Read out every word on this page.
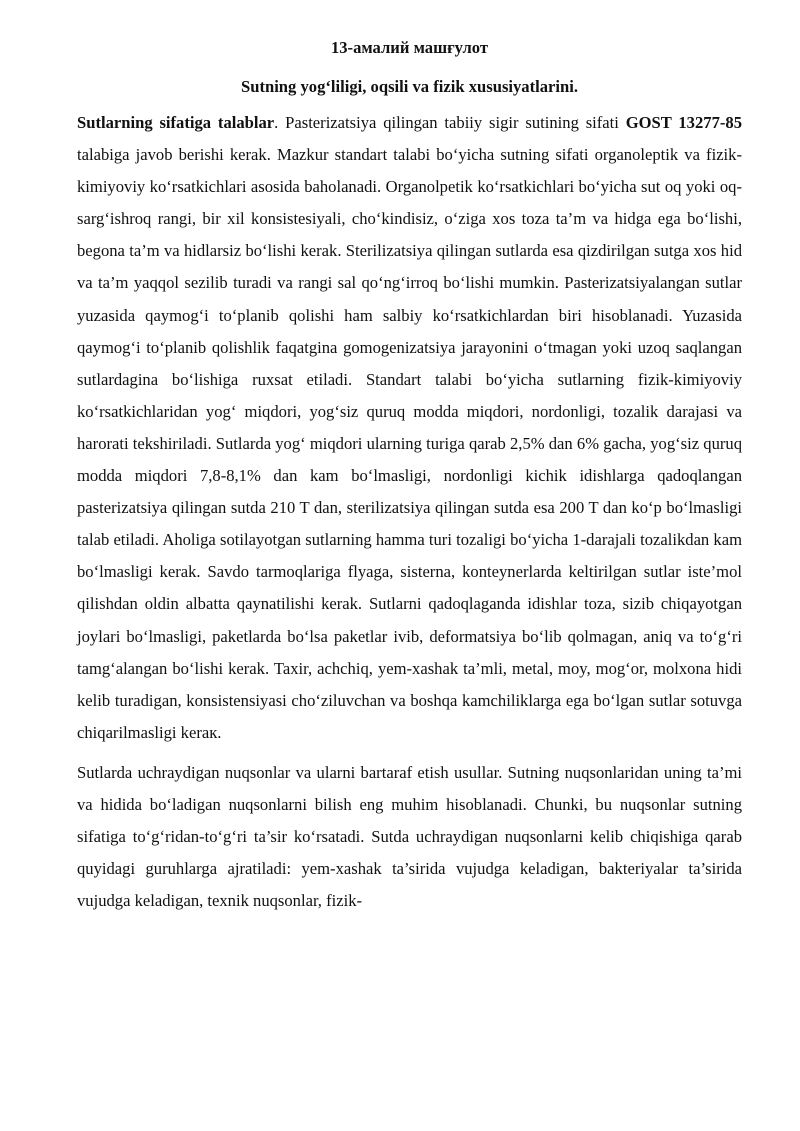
13-амалий машғулот

Sutning yog‘liligi, oqsili va fizik xususiyatlarini.

Sutlarning sifatiga talablar. Pasterizatsiya qilingan tabiiy sigir sutining sifati GOST 13277-85 talabiga javob berishi kerak. Mazkur standart talabi bo‘yicha sutning sifati organoleptik va fizik-kimiyoviy ko‘rsatkichlari asosida baholanadi. Organolpetik ko‘rsatkichlari bo‘yicha sut oq yoki oq-sarg‘ishroq rangi, bir xil konsistesiyali, cho‘kindisiz, o‘ziga xos toza ta’m va hidga ega bo‘lishi, begona ta’m va hidlarsiz bo‘lishi kerak. Sterilizatsiya qilingan sutlarda esa qizdirilgan sutga xos hid va ta’m yaqqol sezilib turadi va rangi sal qo‘ng‘irroq bo‘lishi mumkin. Pasterizatsiyalangan sutlar yuzasida qaymog‘i to‘planib qolishi ham salbiy ko‘rsatkichlardan biri hisoblanadi. Yuzasida qaymog‘i to‘planib qolishlik faqatgina gomogenizatsiya jarayonini o‘tmagan yoki uzoq saqlangan sutlardagina bo‘lishiga ruxsat etiladi. Standart talabi bo‘yicha sutlarning fizik-kimiyoviy ko‘rsatkichlaridan yog‘ miqdori, yog‘siz quruq modda miqdori, nordonligi, tozalik darajasi va harorati tekshiriladi. Sutlarda yog‘ miqdori ularning turiga qarab 2,5% dan 6% gacha, yog‘siz quruq modda miqdori 7,8-8,1% dan kam bo‘lmasligi, nordonligi kichik idishlarga qadoqlangan pasterizatsiya qilingan sutda 210 T dan, sterilizatsiya qilingan sutda esa 200 T dan ko‘p bo‘lmasligi talab etiladi. Aholiga sotilayotgan sutlarning hamma turi tozaligi bo‘yicha 1-darajali tozalikdan kam bo‘lmasligi kerak. Savdo tarmoqlariga flyaga, sisterna, konteynerlarda keltirilgan sutlar iste’mol qilishdan oldin albatta qaynatilishi kerak. Sutlarni qadoqlaganda idishlar toza, sizib chiqayotgan joylari bo‘lmasligi, paketlarda bo‘lsa paketlar ivib, deformatsiya bo‘lib qolmagan, aniq va to‘g‘ri tamg‘alangan bo‘lishi kerak. Taxir, achchiq, yem-xashak ta’mli, metal, moy, mog‘or, molxona hidi kelib turadigan, konsistensiyasi cho‘ziluvchan va boshqa kamchiliklarga ega bo‘lgan sutlar sotuvga chiqarilmasligi keraк.

Sutlarda uchraydigan nuqsonlar va ularni bartaraf etish usullar. Sutning nuqsonlaridan uning ta’mi va hidida bo‘ladigan nuqsonlarni bilish eng muhim hisoblanadi. Chunki, bu nuqsonlar sutning sifatiga to‘g‘ridan-to‘g‘ri ta’sir ko‘rsatadi. Sutda uchraydigan nuqsonlarni kelib chiqishiga qarab quyidagi guruhlarga ajratiladi: yem-xashak ta’sirida vujudga keladigan, bakteriyalar ta’sirida vujudga keladigan, texnik nuqsonlar, fizik-
